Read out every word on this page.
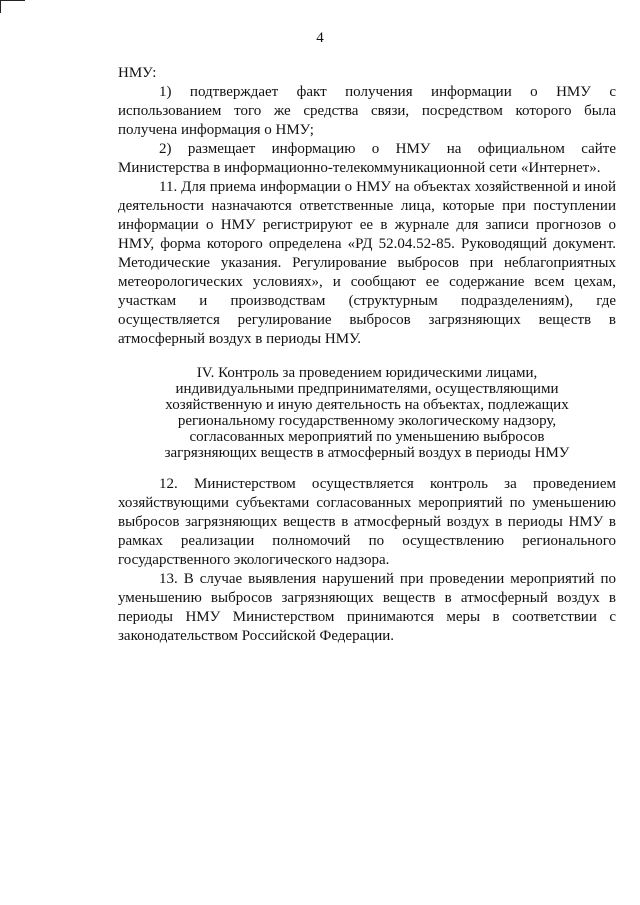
4

НМУ:

1) подтверждает факт получения информации о НМУ с использованием того же средства связи, посредством которого была получена информация о НМУ;

2) размещает информацию о НМУ на официальном сайте Министерства в информационно-телекоммуникационной сети «Интернет».

11. Для приема информации о НМУ на объектах хозяйственной и иной деятельности назначаются ответственные лица, которые при поступлении информации о НМУ регистрируют ее в журнале для записи прогнозов о НМУ, форма которого определена «РД 52.04.52-85. Руководящий документ. Методические указания. Регулирование выбросов при неблагоприятных метеорологических условиях», и сообщают ее содержание всем цехам, участкам и производствам (структурным подразделениям), где осуществляется регулирование выбросов загрязняющих веществ в атмосферный воздух в периоды НМУ.

IV. Контроль за проведением юридическими лицами,
индивидуальными предпринимателями, осуществляющими
хозяйственную и иную деятельность на объектах, подлежащих
региональному государственному экологическому надзору,
согласованных мероприятий по уменьшению выбросов
загрязняющих веществ в атмосферный воздух в периоды НМУ

12. Министерством осуществляется контроль за проведением хозяйствующими субъектами согласованных мероприятий по уменьшению выбросов загрязняющих веществ в атмосферный воздух в периоды НМУ в рамках реализации полномочий по осуществлению регионального государственного экологического надзора.

13. В случае выявления нарушений при проведении мероприятий по уменьшению выбросов загрязняющих веществ в атмосферный воздух в периоды НМУ Министерством принимаются меры в соответствии с законодательством Российской Федерации.
